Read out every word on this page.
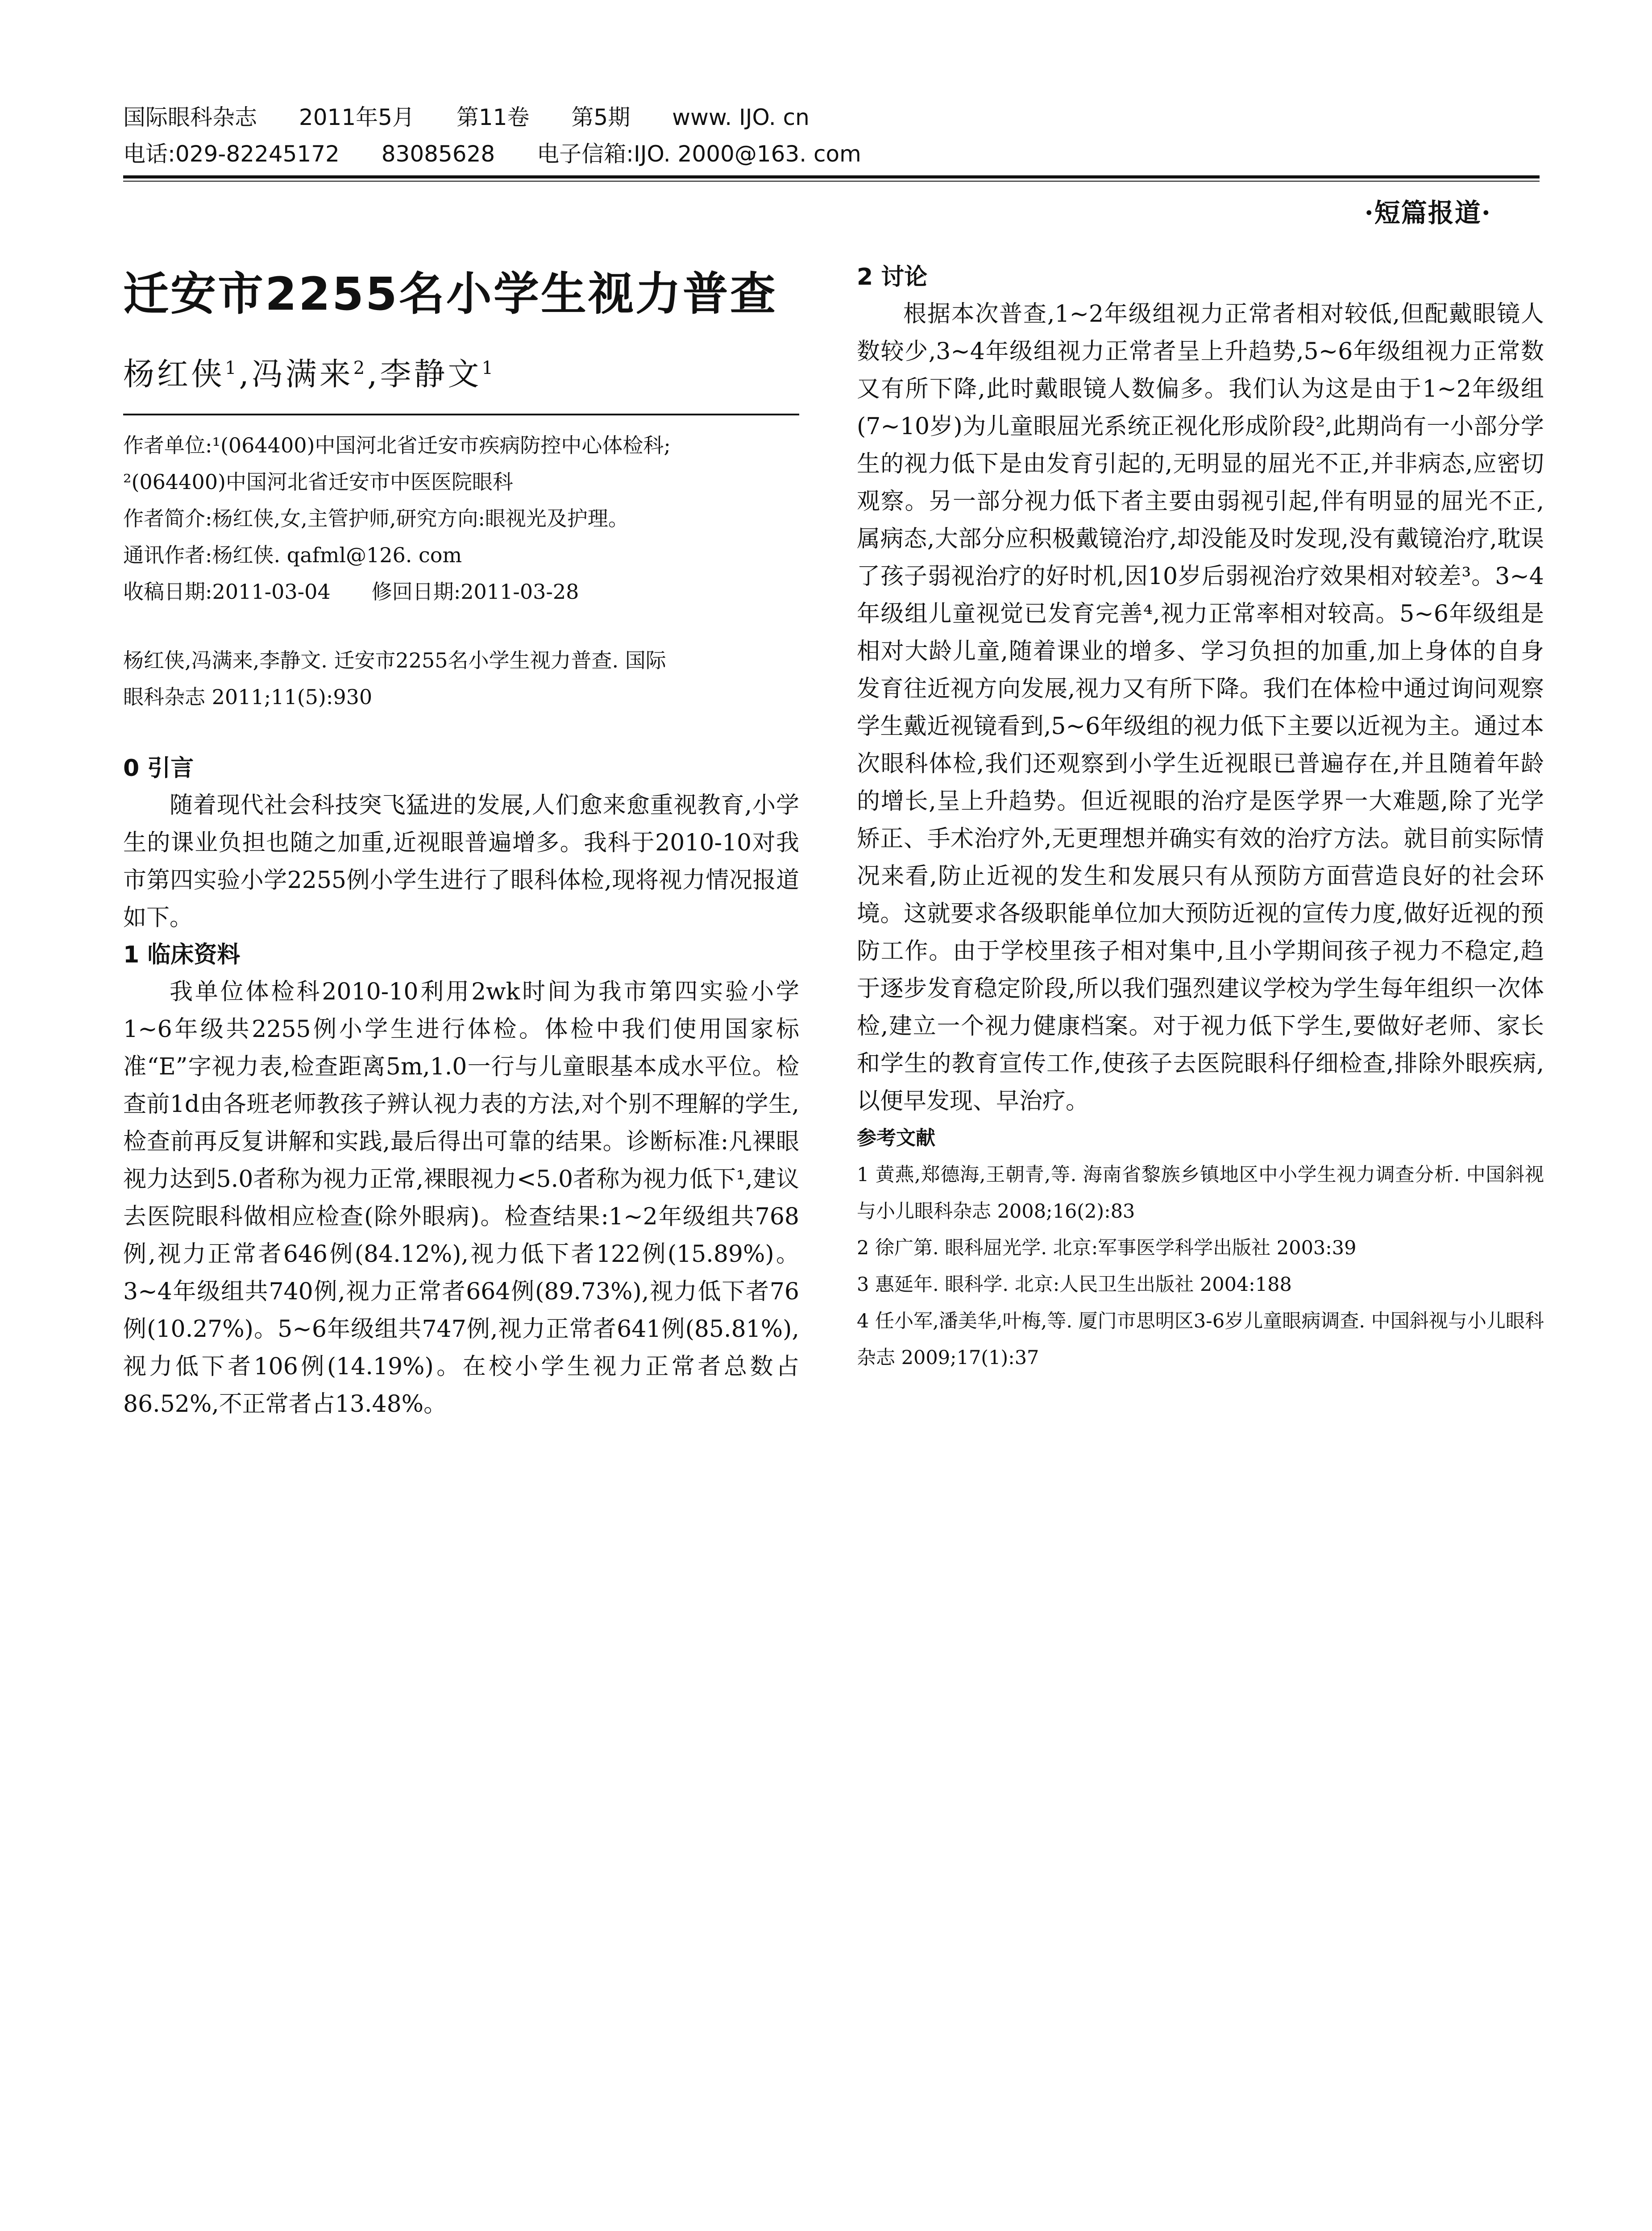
国际眼科杂志 2011年5月 第11卷 第5期 www. IJO. cn
电话:029-82245172 83085628 电子信箱:IJO. 2000@163. com
·短篇报道·
迁安市2255名小学生视力普查
杨红侠$^1$,冯满来$^2$,李静文$^1$

作者单位:¹(064400)中国河北省迁安市疾病防控中心体检科;

²(064400)中国河北省迁安市中医医院眼科

作者简介:杨红侠,女,主管护师,研究方向:眼视光及护理。

通讯作者:杨红侠. qafml@126. com

收稿日期:2011-03-04　　修回日期:2011-03-28

杨红侠,冯满来,李静文. 迁安市2255名小学生视力普查. 国际

眼科杂志 2011;11(5):930

0 引言

随着现代社会科技突飞猛进的发展,人们愈来愈重视教育,小学生的课业负担也随之加重,近视眼普遍增多。我科于2010-10对我市第四实验小学2255例小学生进行了眼科体检,现将视力情况报道如下。

1 临床资料

我单位体检科2010-10利用2wk时间为我市第四实验小学1~6年级共2255例小学生进行体检。体检中我们使用国家标准“E”字视力表,检查距离5m,1.0一行与儿童眼基本成水平位。检查前1d由各班老师教孩子辨认视力表的方法,对个别不理解的学生,检查前再反复讲解和实践,最后得出可靠的结果。诊断标准:凡裸眼视力达到5.0者称为视力正常,裸眼视力<5.0者称为视力低下¹,建议去医院眼科做相应检查(除外眼病)。检查结果:1~2年级组共768例,视力正常者646例(84.12%),视力低下者122例(15.89%)。3~4年级组共740例,视力正常者664例(89.73%),视力低下者76例(10.27%)。5~6年级组共747例,视力正常者641例(85.81%),视力低下者106例(14.19%)。在校小学生视力正常者总数占86.52%,不正常者占13.48%。

2 讨论

根据本次普查,1~2年级组视力正常者相对较低,但配戴眼镜人数较少,3~4年级组视力正常者呈上升趋势,5~6年级组视力正常数又有所下降,此时戴眼镜人数偏多。我们认为这是由于1~2年级组(7~10岁)为儿童眼屈光系统正视化形成阶段²,此期尚有一小部分学生的视力低下是由发育引起的,无明显的屈光不正,并非病态,应密切观察。另一部分视力低下者主要由弱视引起,伴有明显的屈光不正,属病态,大部分应积极戴镜治疗,却没能及时发现,没有戴镜治疗,耽误了孩子弱视治疗的好时机,因10岁后弱视治疗效果相对较差³。3~4年级组儿童视觉已发育完善⁴,视力正常率相对较高。5~6年级组是相对大龄儿童,随着课业的增多、学习负担的加重,加上身体的自身发育往近视方向发展,视力又有所下降。我们在体检中通过询问观察学生戴近视镜看到,5~6年级组的视力低下主要以近视为主。通过本次眼科体检,我们还观察到小学生近视眼已普遍存在,并且随着年龄的增长,呈上升趋势。但近视眼的治疗是医学界一大难题,除了光学矫正、手术治疗外,无更理想并确实有效的治疗方法。就目前实际情况来看,防止近视的发生和发展只有从预防方面营造良好的社会环境。这就要求各级职能单位加大预防近视的宣传力度,做好近视的预防工作。由于学校里孩子相对集中,且小学期间孩子视力不稳定,趋于逐步发育稳定阶段,所以我们强烈建议学校为学生每年组织一次体检,建立一个视力健康档案。对于视力低下学生,要做好老师、家长和学生的教育宣传工作,使孩子去医院眼科仔细检查,排除外眼疾病,以便早发现、早治疗。

参考文献

1 黄燕,郑德海,王朝青,等. 海南省黎族乡镇地区中小学生视力调查分析. 中国斜视与小儿眼科杂志 2008;16(2):83

2 徐广第. 眼科屈光学. 北京:军事医学科学出版社 2003:39

3 惠延年. 眼科学. 北京:人民卫生出版社 2004:188

4 任小军,潘美华,叶梅,等. 厦门市思明区3-6岁儿童眼病调查. 中国斜视与小儿眼科杂志 2009;17(1):37
